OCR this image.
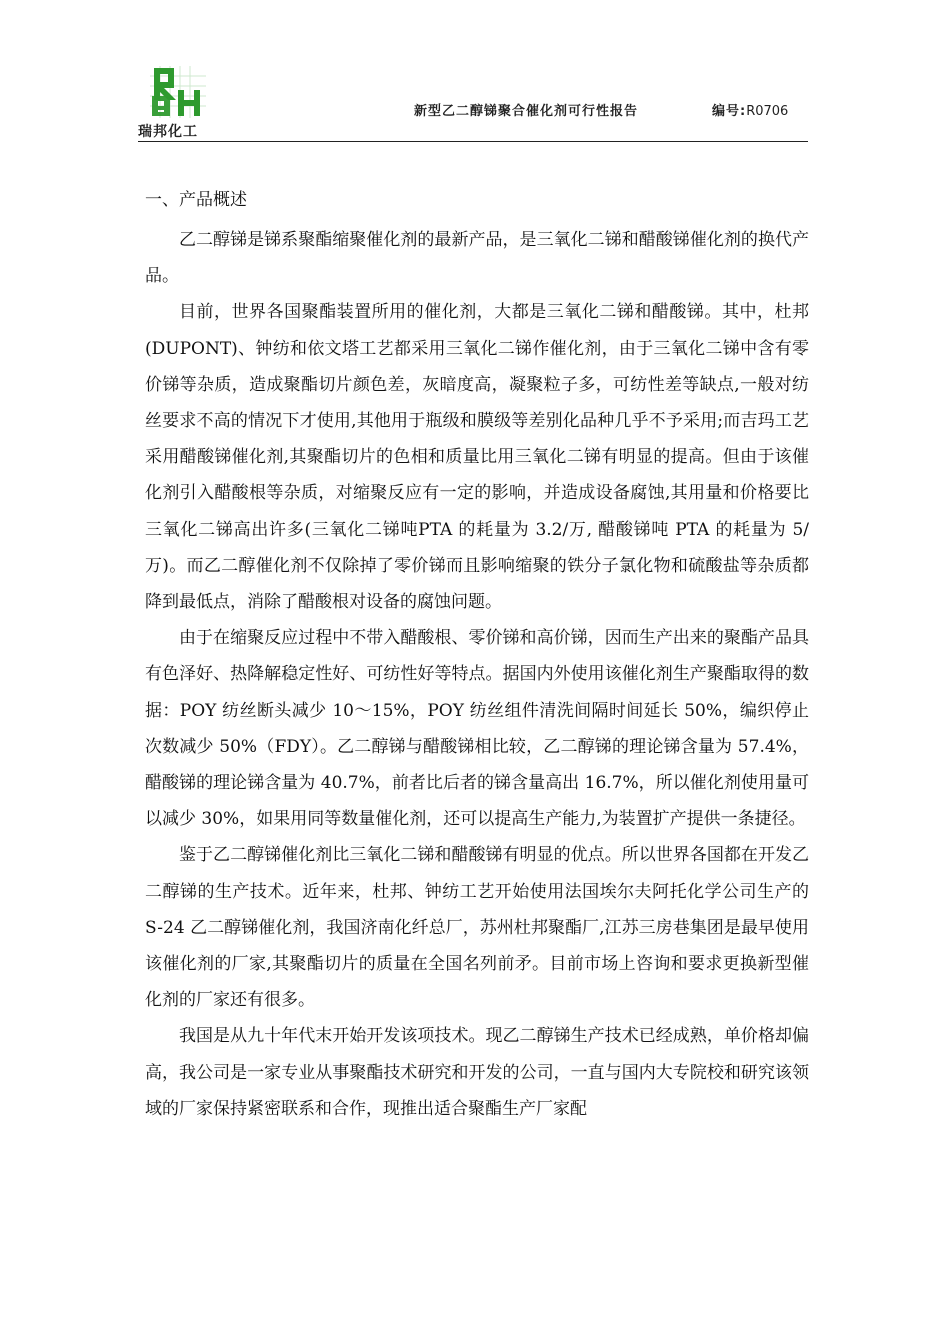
瑞邦化工
新型乙二醇锑聚合催化剂可行性报告	编号:R0706

一、产品概述

乙二醇锑是锑系聚酯缩聚催化剂的最新产品，是三氧化二锑和醋酸锑催化剂的换代产品。

目前，世界各国聚酯装置所用的催化剂，大都是三氧化二锑和醋酸锑。其中，杜邦(DUPONT)、钟纺和依文塔工艺都采用三氧化二锑作催化剂，由于三氧化二锑中含有零价锑等杂质，造成聚酯切片颜色差，灰暗度高，凝聚粒子多，可纺性差等缺点,一般对纺丝要求不高的情况下才使用,其他用于瓶级和膜级等差别化品种几乎不予采用;而吉玛工艺采用醋酸锑催化剂,其聚酯切片的色相和质量比用三氧化二锑有明显的提高。但由于该催化剂引入醋酸根等杂质，对缩聚反应有一定的影响，并造成设备腐蚀,其用量和价格要比三氧化二锑高出许多(三氧化二锑吨PTA 的耗量为 3.2/万, 醋酸锑吨 PTA 的耗量为 5/万)。而乙二醇催化剂不仅除掉了零价锑而且影响缩聚的铁分子氯化物和硫酸盐等杂质都降到最低点，消除了醋酸根对设备的腐蚀问题。

由于在缩聚反应过程中不带入醋酸根、零价锑和高价锑，因而生产出来的聚酯产品具有色泽好、热降解稳定性好、可纺性好等特点。据国内外使用该催化剂生产聚酯取得的数据：POY 纺丝断头减少 10～15%，POY 纺丝组件清洗间隔时间延长 50%，编织停止次数减少 50%（FDY）。乙二醇锑与醋酸锑相比较，乙二醇锑的理论锑含量为 57.4%，醋酸锑的理论锑含量为 40.7%，前者比后者的锑含量高出 16.7%，所以催化剂使用量可以减少 30%，如果用同等数量催化剂，还可以提高生产能力,为装置扩产提供一条捷径。

鉴于乙二醇锑催化剂比三氧化二锑和醋酸锑有明显的优点。所以世界各国都在开发乙二醇锑的生产技术。近年来，杜邦、钟纺工艺开始使用法国埃尔夫阿托化学公司生产的 S-24 乙二醇锑催化剂，我国济南化纤总厂，苏州杜邦聚酯厂,江苏三房巷集团是最早使用该催化剂的厂家,其聚酯切片的质量在全国名列前矛。目前市场上咨询和要求更换新型催化剂的厂家还有很多。

我国是从九十年代末开始开发该项技术。现乙二醇锑生产技术已经成熟，单价格却偏高，我公司是一家专业从事聚酯技术研究和开发的公司，一直与国内大专院校和研究该领域的厂家保持紧密联系和合作，现推出适合聚酯生产厂家配
